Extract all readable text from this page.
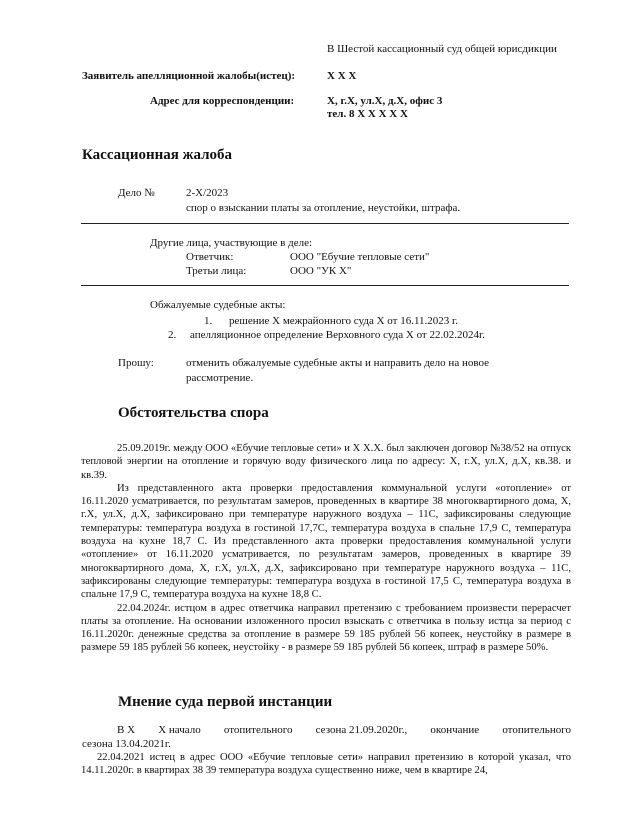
В Шестой кассационный суд общей юрисдикции
Заявитель апелляционной жалобы(истец):	Х Х Х
Адрес для корреспонденции:	Х, г.Х, ул.Х, д.Х, офис 3
тел. 8 Х Х Х Х Х
Кассационная жалоба
Дело №	2-Х/2023
спор о взыскании платы за отопление, неустойки, штрафа.
Другие лица, участвующие в деле:
Ответчик:	ООО "Ебучие тепловые сети"
Третьи лица:	ООО "УК Х"
Обжалуемые судебные акты:
1. решение Х межрайонного суда Х от 16.11.2023 г.
2. апелляционное определение Верховного суда Х от 22.02.2024г.
Прошу:	отменить обжалуемые судебные акты и направить дело на новое
рассмотрение.
Обстоятельства спора

25.09.2019г. между ООО «Ебучие тепловые сети» и Х Х.Х. был заключен договор №38/52 на отпуск тепловой энергии на отопление и горячую воду физического лица по адресу: Х, г.Х, ул.Х, д.Х, кв.38. и кв.39.

Из представленного акта проверки предоставления коммунальной услуги «отопление» от 16.11.2020 усматривается, по результатам замеров, проведенных в квартире 38 многоквартирного дома, Х, г.Х, ул.Х, д.Х, зафиксировано при температуре наружного воздуха – 11С, зафиксированы следующие температуры: температура воздуха в гостиной 17,7С, температура воздуха в спальне 17,9 С, температура воздуха на кухне 18,7 С. Из представленного акта проверки предоставления коммунальной услуги «отопление» от 16.11.2020 усматривается, по результатам замеров, проведенных в квартире 39 многоквартирного дома, Х, г.Х, ул.Х, д.Х, зафиксировано при температуре наружного воздуха – 11С, зафиксированы следующие температуры: температура воздуха в гостиной 17,5 С, температура воздуха в спальне 17,9 С, температура воздуха на кухне 18,8 С.

22.04.2024г. истцом в адрес ответчика направил претензию с требованием произвести перерасчет платы за отопление. На основании изложенного просил взыскать с ответчика в пользу истца за период с 16.11.2020г. денежные средства за отопление в размере 59 185 рублей 56 копеек, неустойку в размере в размере 59 185 рублей 56 копеек, неустойку - в размере 59 185 рублей 56 копеек, штраф в размере 50%.

Мнение суда первой инстанции
В Х Х начало отопительного сезона 21.09.2020г., окончание отопительного
сезона 13.04.2021г.

22.04.2021 истец в адрес ООО «Ебучие тепловые сети» направил претензию в которой указал, что 14.11.2020г. в квартирах 38 39 температура воздуха существенно ниже, чем в квартире 24,
